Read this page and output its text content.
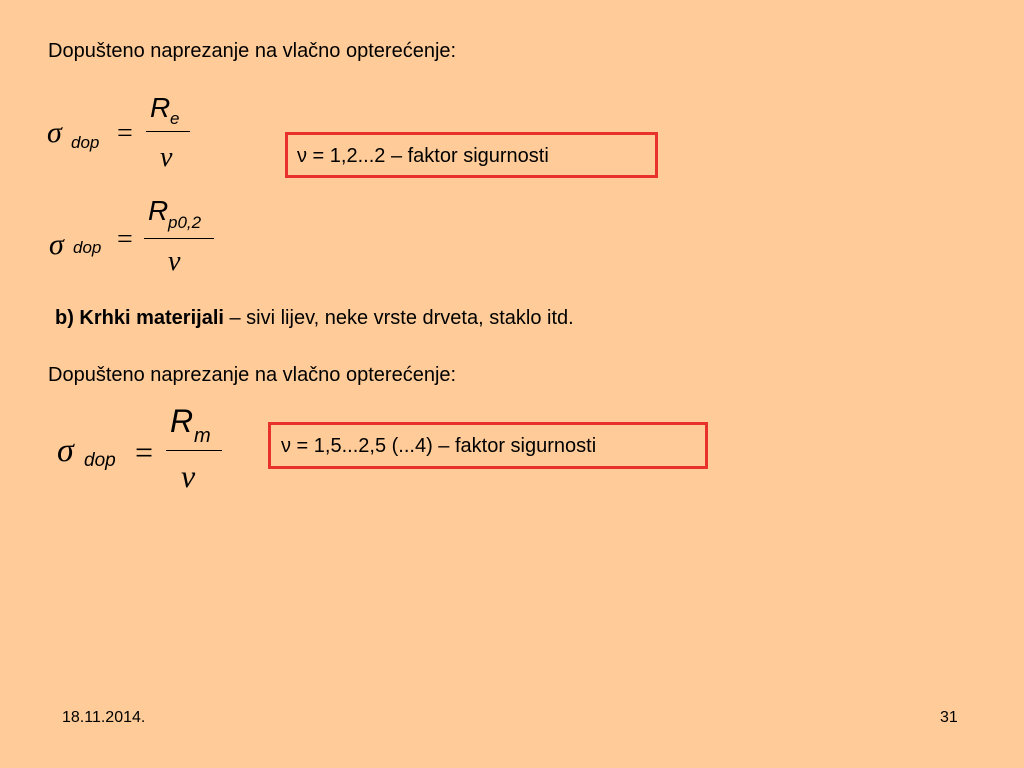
Dopušteno naprezanje na vlačno opterećenje:
σ dop =
R e
ν	ν = 1,2...2 – faktor sigurnosti
σ dop =
R p0,2
ν
b) Krhki materijali – sivi lijev, neke vrste drveta, staklo itd.
Dopušteno naprezanje na vlačno opterećenje:
σ dop =
R m
ν
ν = 1,5...2,5 (...4) – faktor sigurnosti
18.11.2014.	31
